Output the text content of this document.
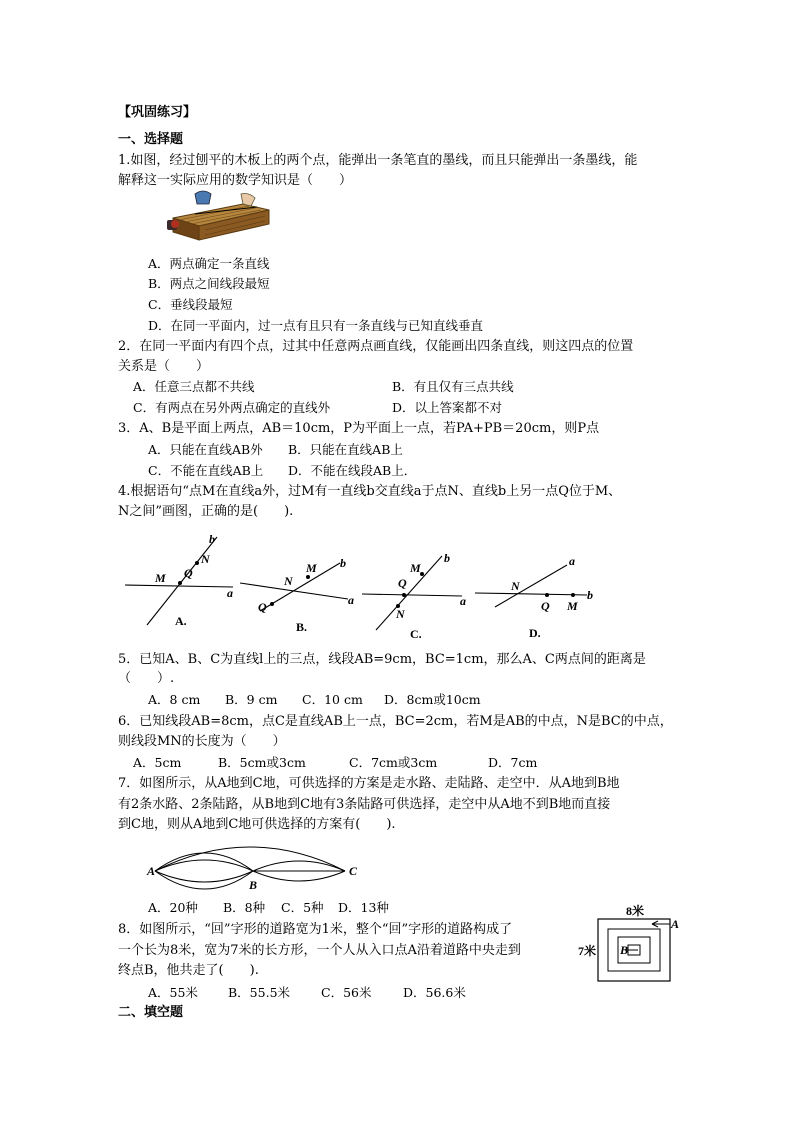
【巩固练习】
一、选择题
1.如图，经过刨平的木板上的两个点，能弹出一条笔直的墨线，而且只能弹出一条墨线，能
解释这一实际应用的数学知识是（　　）
A．两点确定一条直线
B．两点之间线段最短
C．垂线段最短
D．在同一平面内，过一点有且只有一条直线与已知直线垂直
2．在同一平面内有四个点，过其中任意两点画直线，仅能画出四条直线，则这四点的位置
关系是（　　）
A．任意三点都不共线	B．有且仅有三点共线
C．有两点在另外两点确定的直线外	D．以上答案都不对
3．A、B是平面上两点，AB＝10cm，P为平面上一点，若PA+PB＝20cm，则P点
A．只能在直线AB外 B．只能在直线AB上
C．不能在直线AB上 D．不能在线段AB上．
4.根据语句“点M在直线a外，过M有一直线b交直线a于点N、直线b上另一点Q位于M、
N之间”画图，正确的是(　　).
b
N
M Q
a
A.
M b
N
a
Q
B.
b
M
Q
a
N
C.
a
N
Q M
b
D.
5．已知A、B、C为直线l上的三点，线段AB=9cm，BC=1cm，那么A、C两点间的距离是
（　　）.
A．8 cm B．9 cm C．10 cm D．8cm或10cm
6．已知线段AB=8cm，点C是直线AB上一点，BC=2cm，若M是AB的中点，N是BC的中点，
则线段MN的长度为（　　）
A．5cm	B．5cm或3cm	C．7cm或3cm	D．7cm
7．如图所示，从A地到C地，可供选择的方案是走水路、走陆路、走空中．从A地到B地
有2条水路、2条陆路，从B地到C地有3条陆路可供选择，走空中从A地不到B地而直接
到C地，则从A地到C地可供选择的方案有(　　).
A
B
C
A．20种 B．8种 C．5种 D．13种
8．如图所示，“回”字形的道路宽为1米，整个“回”字形的道路构成了
一个长为8米，宽为7米的长方形，一个人从入口点A沿着道路中央走到
终点B，他共走了(　　).
A．55米 B．55.5米 C．56米	D．56.6米
8米
7米
A
B
二、填空题
